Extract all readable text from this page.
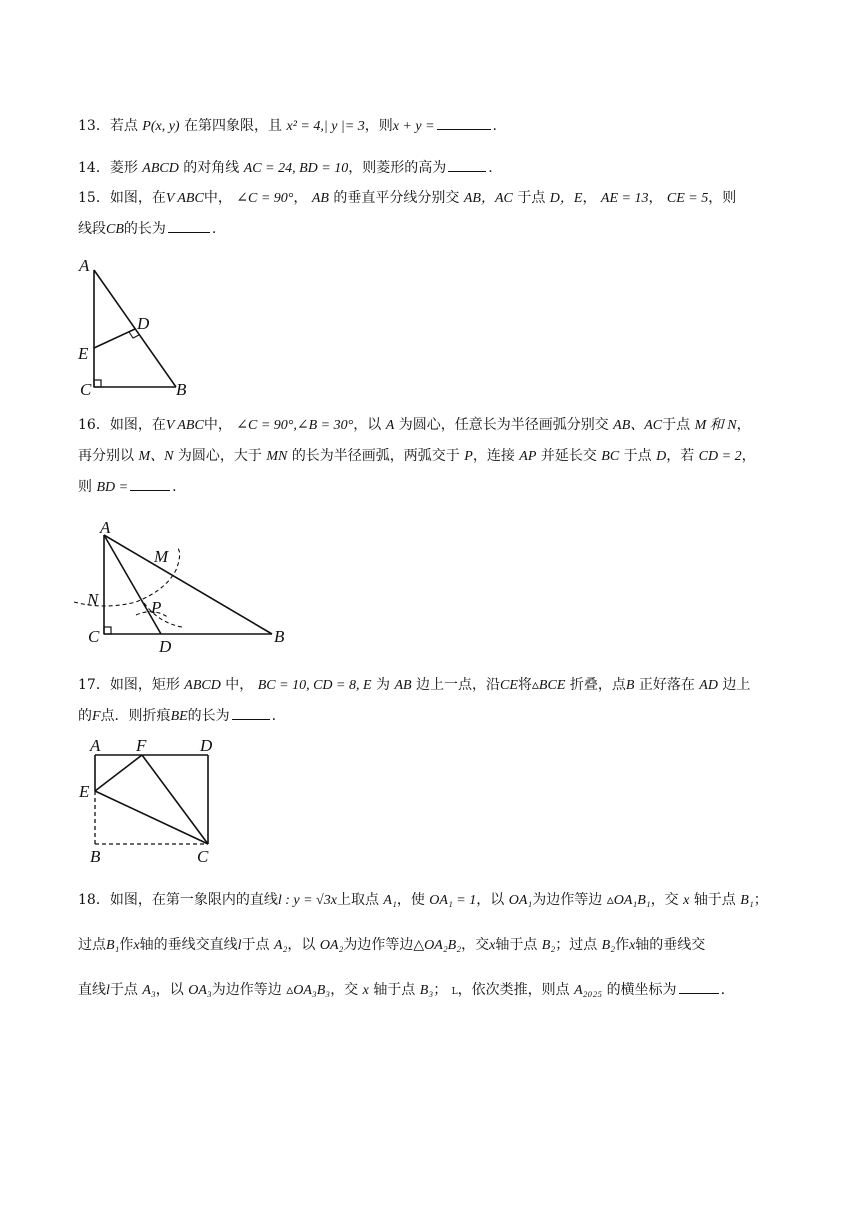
13．若点 P(x, y) 在第四象限，且 x² = 4,| y |= 3，则x + y =	.
14．菱形 ABCD 的对角线 AC = 24, BD = 10，则菱形的高为	.
15．如图，在V ABC中， ∠C = 90°， AB 的垂直平分线分别交 AB，AC 于点 D，E， AE = 13， CE = 5，则
线段CB的长为	.
A
D
E
C	B
16．如图，在V ABC中， ∠C = 90°,∠B = 30°，以 A 为圆心，任意长为半径画弧分别交 AB、AC于点 M 和 N，
再分别以 M、N 为圆心，大于 MN 的长为半径画弧，两弧交于 P，连接 AP 并延长交 BC 于点 D，若 CD = 2，
则 BD =	.
A
M
N	P
C
D
B
17．如图，矩形 ABCD 中， BC = 10, CD = 8, E 为 AB 边上一点，沿CE将▵BCE 折叠，点B 正好落在 AD 边上
的F点．则折痕BE的长为	.
A F	D
E
B	C
18．如图，在第一象限内的直线l : y = √3x上取点 A₁，使 OA₁ = 1，以 OA₁为边作等边 ▵OA₁B₁，交 x 轴于点 B₁；
过点B₁作x轴的垂线交直线l于点 A₂，以 OA₂为边作等边△OA₂B₂，交x轴于点 B₂；过点 B₂作x轴的垂线交
直线l于点 A₃，以 OA₃为边作等边 ▵OA₃B₃，交 x 轴于点 B₃； L，依次类推，则点 A₂₀₂₅ 的横坐标为	.
